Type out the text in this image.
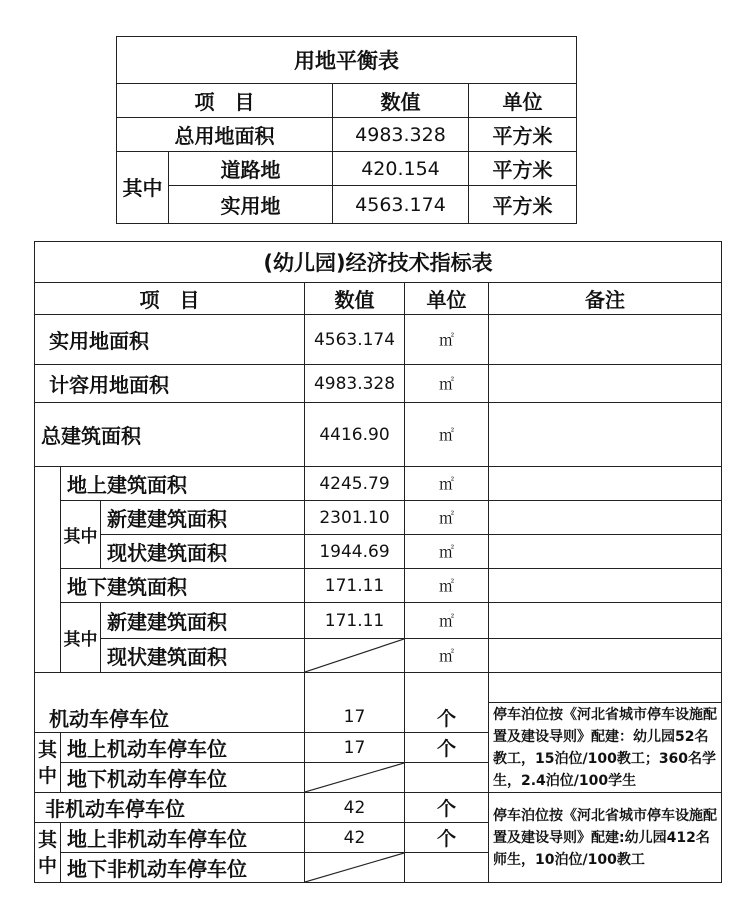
用地平衡表			
项　目		数值	单位
总用地面积		4983.328	平方米
其中	道路地	420.154	平方米
	实用地	4563.174	平方米
(幼儿园)经济技术指标表					
项　目			数值	单位	备注
实用地面积			4563.174	㎡	
计容用地面积			4983.328	㎡	
总建筑面积			4416.90	㎡	
	地上建筑面积		4245.79	㎡	
	其中	新建建筑面积	2301.10	㎡	
		现状建筑面积	1944.69	㎡	
	地下建筑面积		171.11	㎡	
	其中	新建建筑面积	171.11	㎡	
		现状建筑面积		㎡	

机动车停车位			17	个	停车泊位按《河北省城市停车设施配置及建设导则》配建：幼儿园52名教工，15泊位/100教工；360名学生，2.4泊位/100学生
其中	地上机动车停车位		17	个	
	地下机动车停车位	

非机动车停车位			42	个	停车泊位按《河北省城市停车设施配置及建设导则》配建:幼儿园412名师生，10泊位/100教工
其中	地上非机动车停车位		42	个	
	地下非机动车停车位	
